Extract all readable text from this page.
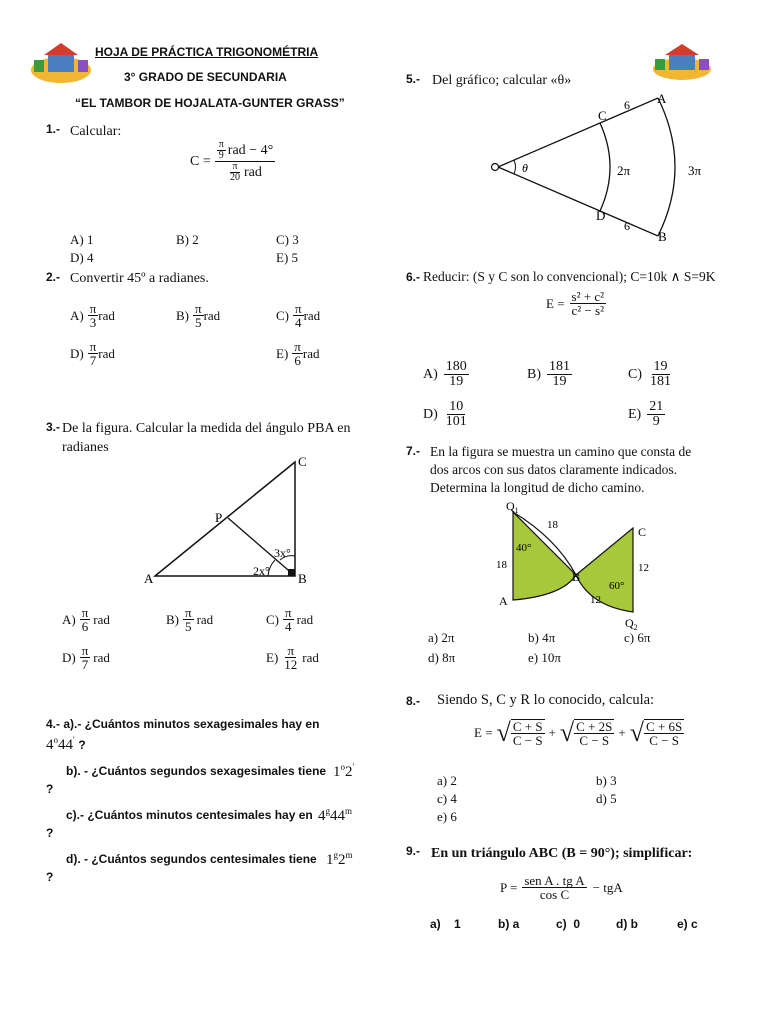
HOJA DE PRÁCTICA TRIGONOMÉTRIA
3° GRADO DE SECUNDARIA
“EL TAMBOR DE HOJALATA-GUNTER GRASS”
1.- Calcular:
$C = \frac{\frac{\pi}{9} rad - 4^\circ}{\frac{\pi}{20} rad}$
A) 1	B) 2	C) 3
D) 4	E) 5
2.- Convertir 45º a radianes.
$A) \frac{\pi}{3}$ rad	$B) \frac{\pi}{5}$ rad	$C) \frac{\pi}{4}$ rad
$D) \frac{\pi}{7}$ rad	$E) \frac{\pi}{6}$ rad
3.- De la figura. Calcular la medida del ángulo PBA en
radianes
C
P
A	B
3x°
2x°
$A) \frac{\pi}{6}$ rad	$B) \frac{\pi}{5}$ rad	$C) \frac{\pi}{4}$ rad
$D) \frac{\pi}{7}$ rad	$E) \frac{\pi}{12}$ rad
4.- a).- ¿Cuántos minutos sexagesimales hay en
4$^o$44' ?
b). - ¿Cuántos segundos sexagesimales tiene 1$^o$2'
?
c).- ¿Cuántos minutos centesimales hay en 4$^g$44$^m$
?
d). - ¿Cuántos segundos centesimales tiene 1$^g$2$^m$
?
5.- Del gráfico; calcular «θ»
θ
C
A
D
B
6
6
2π	3π
6.- Reducir: (S y C son lo convencional); C=10k ∧ S=9K
$E = \frac{\text{s² + c²}}{\text{c² − s²}}$
$A) \frac{180}{19}$	$B) \frac{181}{19}$	$C) \frac{19}{181}$
$D) \frac{10}{101}$	$E) \frac{21}{9}$
7.- En la figura se muestra un camino que consta de
dos arcos con sus datos claramente indicados.
Determina la longitud de dicho camino.
$Q_1$
C
A
B
$Q_2$
40°
60°
18
18	12
12
a) 2π	b) 4π	c) 6π
d) 8π	e) 10π
8.- Siendo S, C y R lo conocido, calcula:
E = √ $\frac{C + S}{C - S}$ + √ $\frac{C + 2S}{C - S}$ + √ $\frac{C + 6S}{C - S}$
a) 2	b) 3
c) 4	d) 5
e) 6
9.- En un triángulo ABC (B = 90°); simplificar:
$P = \frac{\text{sen A . tg A}}{\text{cos C}}$ − tgA
a)    1	b) a	c)  0	d) b	e) c
